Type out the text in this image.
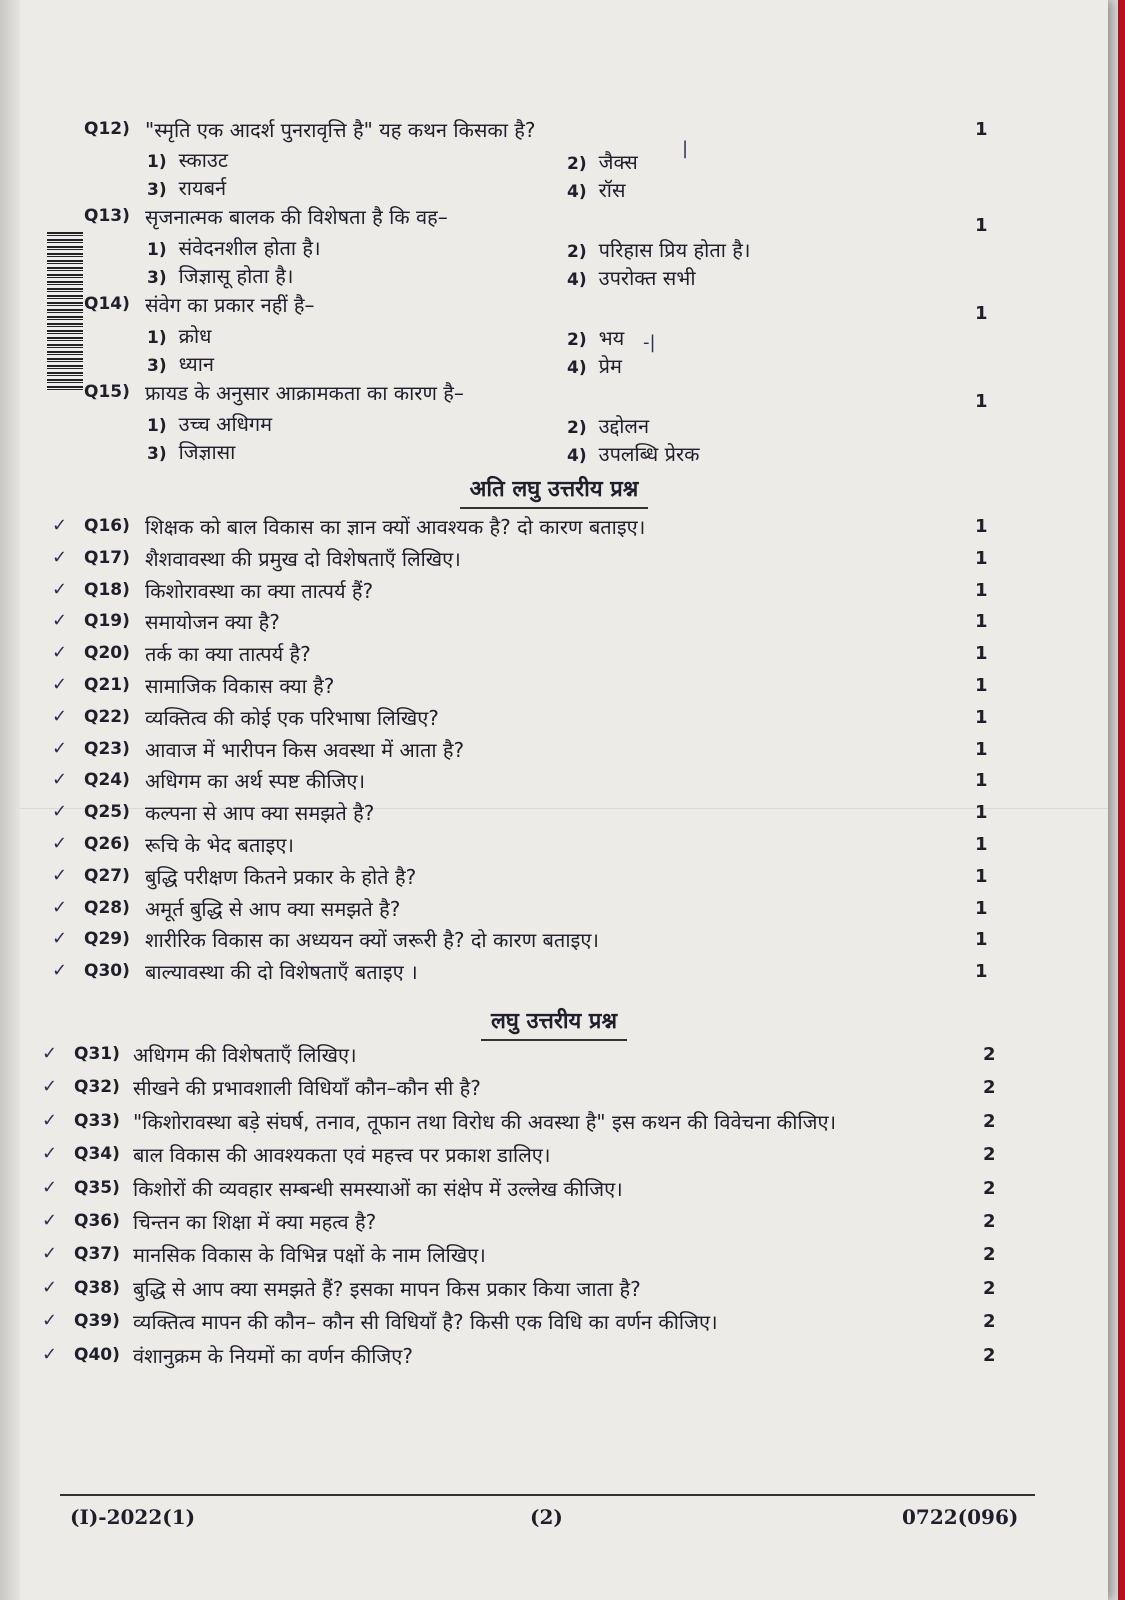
Q12) "स्मृति एक आदर्श पुनरावृत्ति है" यह कथन किसका है?	1
1) स्काउट	2) जैक्स
3) रायबर्न	4) रॉस
Q13) सृजनात्मक बालक की विशेषता है कि वह–	1
1) संवेदनशील होता है।	2) परिहास प्रिय होता है।
3) जिज्ञासू होता है।	4) उपरोक्त सभी
Q14) संवेग का प्रकार नहीं है–	1
1) क्रोध	2) भय
3) ध्यान	4) प्रेम
Q15) फ्रायड के अनुसार आक्रामकता का कारण है–	1
1) उच्च अधिगम	2) उद्दोलन
3) जिज्ञासा	4) उपलब्धि प्रेरक
अति लघु उत्तरीय प्रश्न
✓ Q16) शिक्षक को बाल विकास का ज्ञान क्यों आवश्यक है? दो कारण बताइए।	1
✓ Q17) शैशवावस्था की प्रमुख दो विशेषताएँ लिखिए।	1
✓ Q18) किशोरावस्था का क्या तात्पर्य हैं?	1
✓ Q19) समायोजन क्या है?	1
✓ Q20) तर्क का क्या तात्पर्य है?	1
✓ Q21) सामाजिक विकास क्या है?	1
✓ Q22) व्यक्तित्व की कोई एक परिभाषा लिखिए?	1
✓ Q23) आवाज में भारीपन किस अवस्था में आता है?	1
✓ Q24) अधिगम का अर्थ स्पष्ट कीजिए।	1
✓ Q25) कल्पना से आप क्या समझते है?	1
✓ Q26) रूचि के भेद बताइए।	1
✓ Q27) बुद्धि परीक्षण कितने प्रकार के होते है?	1
✓ Q28) अमूर्त बुद्धि से आप क्या समझते है?	1
✓ Q29) शारीरिक विकास का अध्ययन क्यों जरूरी है? दो कारण बताइए।	1
✓ Q30) बाल्यावस्था की दो विशेषताएँ बताइए ।	1
लघु उत्तरीय प्रश्न
✓ Q31) अधिगम की विशेषताएँ लिखिए।	2
✓ Q32) सीखने की प्रभावशाली विधियाँ कौन–कौन सी है?	2
✓ Q33) "किशोरावस्था बड़े संघर्ष, तनाव, तूफान तथा विरोध की अवस्था है" इस कथन की विवेचना कीजिए।	2
✓ Q34) बाल विकास की आवश्यकता एवं महत्त्व पर प्रकाश डालिए।	2
✓ Q35) किशोरों की व्यवहार सम्बन्धी समस्याओं का संक्षेप में उल्लेख कीजिए।	2
✓ Q36) चिन्तन का शिक्षा में क्या महत्व है?	2
✓ Q37) मानसिक विकास के विभिन्न पक्षों के नाम लिखिए।	2
✓ Q38) बुद्धि से आप क्या समझते हैं? इसका मापन किस प्रकार किया जाता है?	2
✓ Q39) व्यक्तित्व मापन की कौन– कौन सी विधियाँ है? किसी एक विधि का वर्णन कीजिए।	2
✓ Q40) वंशानुक्रम के नियमों का वर्णन कीजिए?	2
|
-|
(I)-2022(1)	(2)	0722(096)
